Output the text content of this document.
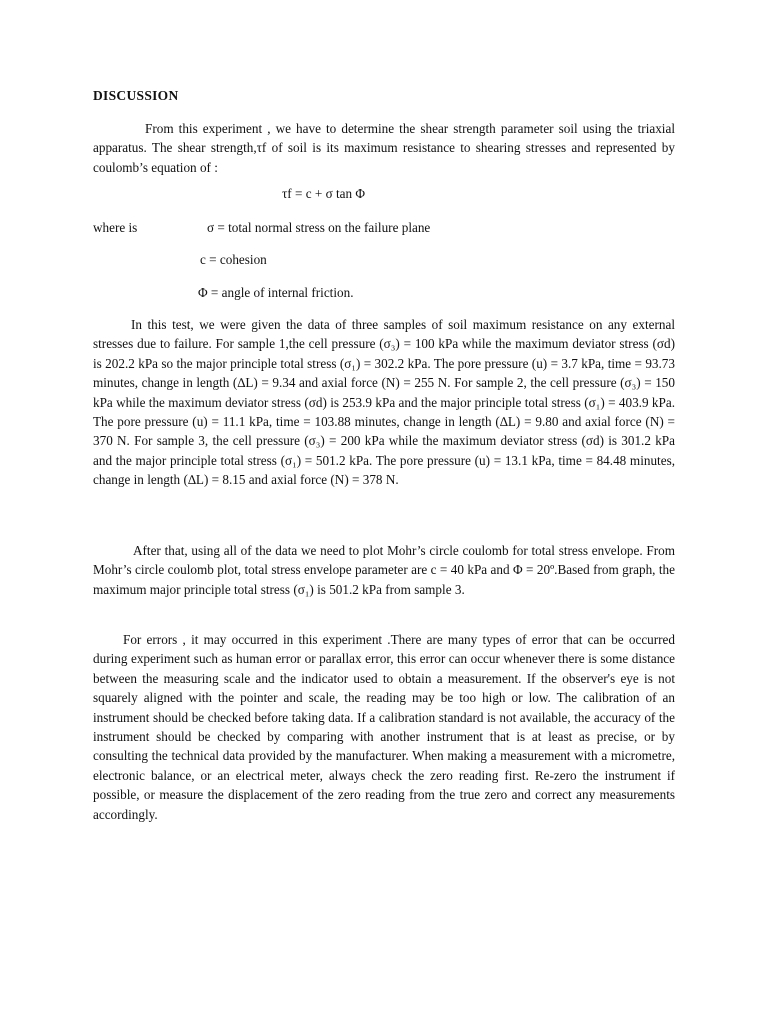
DISCUSSION

From this experiment , we have to determine the shear strength parameter soil using the triaxial apparatus. The shear strength,τf of soil is its maximum resistance to shearing stresses and represented by coulomb’s equation of :

τf = c + σ tan Φ
where is	σ = total normal stress on the failure plane
c = cohesion
Φ = angle of internal friction.

In this test, we were given the data of three samples of soil maximum resistance on any external stresses due to failure. For sample 1,the cell pressure (σ₃) = 100 kPa while the maximum deviator stress (σd) is 202.2 kPa so the major principle total stress (σ₁) = 302.2 kPa. The pore pressure (u) = 3.7 kPa, time = 93.73 minutes, change in length (∆L) = 9.34 and axial force (N) = 255 N. For sample 2, the cell pressure (σ₃) = 150 kPa while the maximum deviator stress (σd) is 253.9 kPa and the major principle total stress (σ₁) = 403.9 kPa. The pore pressure (u) = 11.1 kPa, time = 103.88 minutes, change in length (∆L) = 9.80 and axial force (N) = 370 N. For sample 3, the cell pressure (σ₃) = 200 kPa while the maximum deviator stress (σd) is 301.2 kPa and the major principle total stress (σ₁) = 501.2 kPa. The pore pressure (u) = 13.1 kPa, time = 84.48 minutes, change in length (∆L) = 8.15 and axial force (N) = 378 N.

After that, using all of the data we need to plot Mohr’s circle coulomb for total stress envelope. From Mohr’s circle coulomb plot, total stress envelope parameter are c = 40 kPa and Φ = 20º.Based from graph, the maximum major principle total stress (σ₁) is 501.2 kPa from sample 3.

For errors , it may occurred in this experiment .There are many types of error that can be occurred during experiment such as human error or parallax error, this error can occur whenever there is some distance between the measuring scale and the indicator used to obtain a measurement. If the observer's eye is not squarely aligned with the pointer and scale, the reading may be too high or low. The calibration of an instrument should be checked before taking data. If a calibration standard is not available, the accuracy of the instrument should be checked by comparing with another instrument that is at least as precise, or by consulting the technical data provided by the manufacturer. When making a measurement with a micrometre, electronic balance, or an electrical meter, always check the zero reading first. Re-zero the instrument if possible, or measure the displacement of the zero reading from the true zero and correct any measurements accordingly.
